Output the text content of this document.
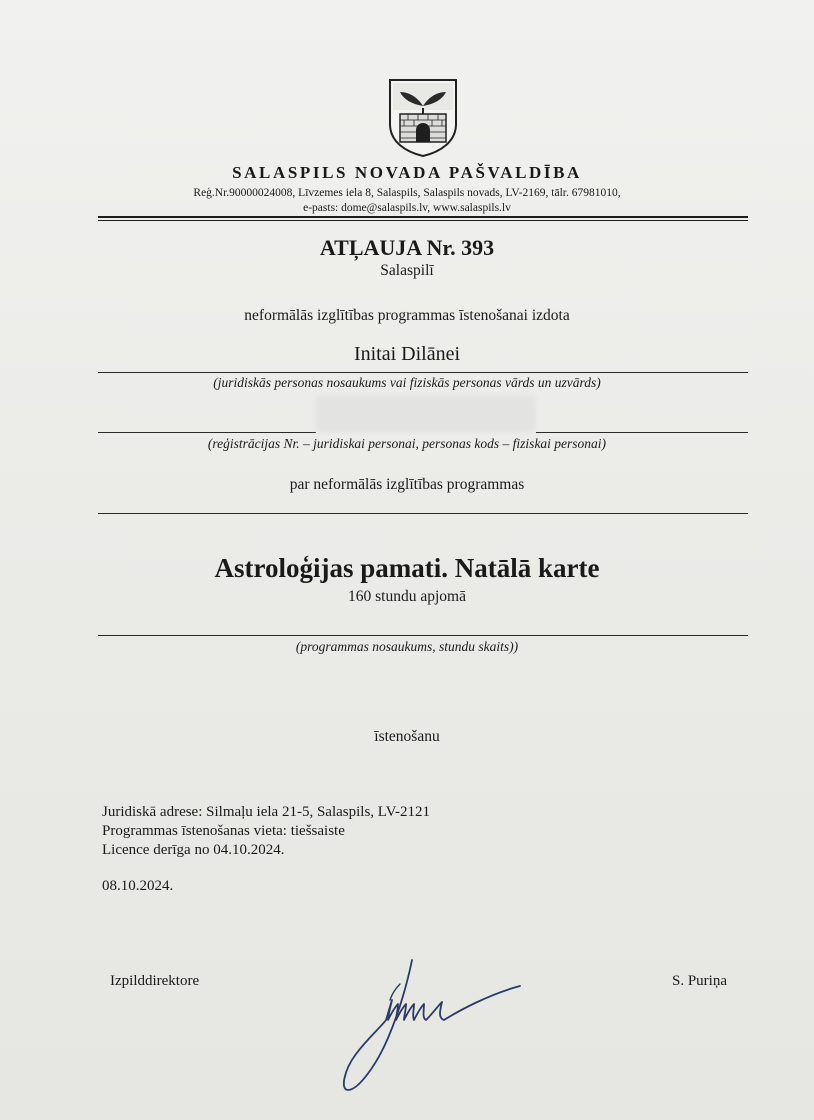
SALASPILS NOVADA PAŠVALDĪBA
Reģ.Nr.90000024008, Līvzemes iela 8, Salaspils, Salaspils novads, LV-2169, tālr. 67981010,
e-pasts: dome@salaspils.lv, www.salaspils.lv
ATĻAUJA Nr. 393
Salaspilī
neformālās izglītības programmas īstenošanai izdota
Initai Dilānei
(juridiskās personas nosaukums vai fiziskās personas vārds un uzvārds)
(reģistrācijas Nr. – juridiskai personai, personas kods – fiziskai personai)
par neformālās izglītības programmas
Astroloģijas pamati. Natālā karte
160 stundu apjomā
(programmas nosaukums, stundu skaits))
īstenošanu
Juridiskā adrese: Silmaļu iela 21-5, Salaspils, LV-2121
Programmas īstenošanas vieta: tiešsaiste
Licence derīga no 04.10.2024.
08.10.2024.
Izpilddirektore	S. Puriņa
